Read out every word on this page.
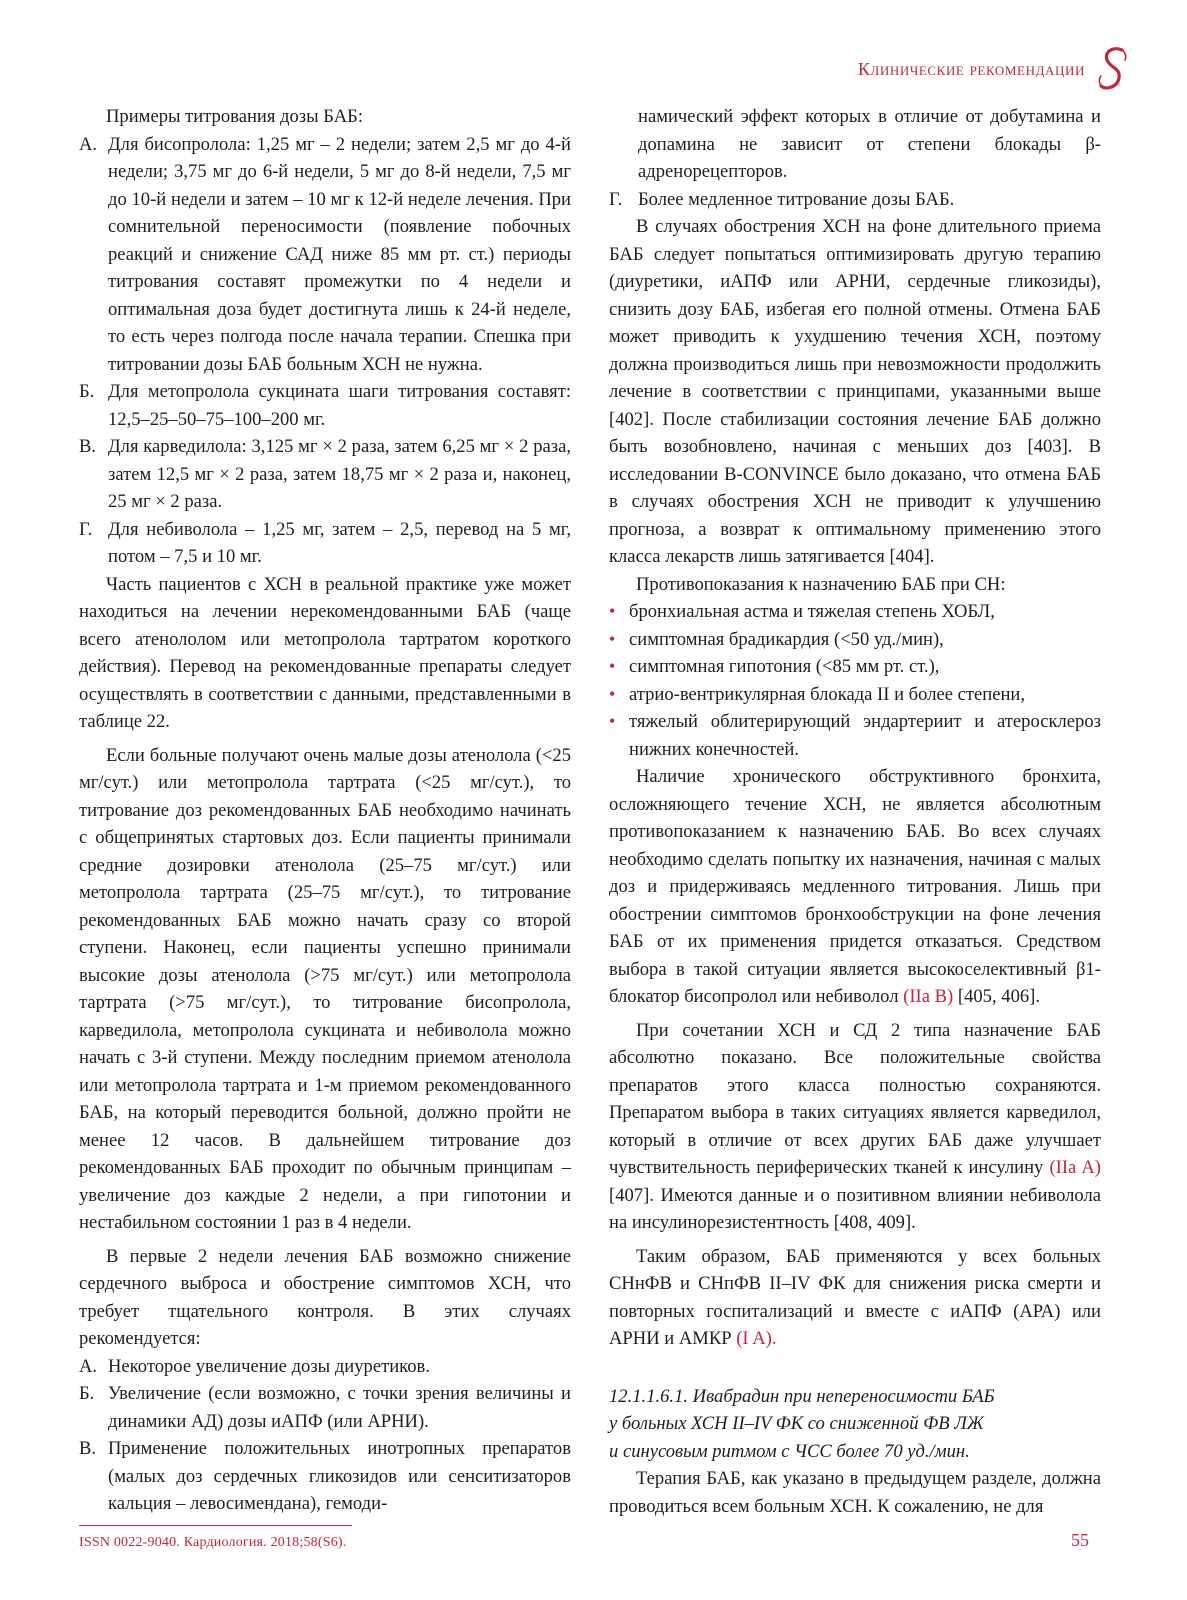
Клинические рекомендации

Примеры титрования дозы БАБ:

А. Для бисопролола: 1,25 мг – 2 недели; затем 2,5 мг до 4-й недели; 3,75 мг до 6-й недели, 5 мг до 8-й недели, 7,5 мг до 10-й недели и затем – 10 мг к 12-й неделе лечения. При сомнительной переносимости (появление побочных реакций и снижение САД ниже 85 мм рт. ст.) периоды титрования составят промежутки по 4 недели и оптимальная доза будет достигнута лишь к 24-й неделе, то есть через полгода после начала терапии. Спешка при титровании дозы БАБ больным ХСН не нужна.
Б. Для метопролола сукцината шаги титрования составят: 12,5–25–50–75–100–200 мг.
В. Для карведилола: 3,125 мг × 2 раза, затем 6,25 мг × 2 раза, затем 12,5 мг × 2 раза, затем 18,75 мг × 2 раза и, наконец, 25 мг × 2 раза.
Г. Для небиволола – 1,25 мг, затем – 2,5, перевод на 5 мг, потом – 7,5 и 10 мг.

Часть пациентов с ХСН в реальной практике уже может находиться на лечении нерекомендованными БАБ (чаще всего атенололом или метопролола тартратом короткого действия). Перевод на рекомендованные препараты следует осуществлять в соответствии с данными, представленными в таблице 22.

Если больные получают очень малые дозы атенолола (<25 мг/сут.) или метопролола тартрата (<25 мг/сут.), то титрование доз рекомендованных БАБ необходимо начинать с общепринятых стартовых доз. Если пациенты принимали средние дозировки атенолола (25–75 мг/сут.) или метопролола тартрата (25–75 мг/сут.), то титрование рекомендованных БАБ можно начать сразу со второй ступени. Наконец, если пациенты успешно принимали высокие дозы атенолола (>75 мг/сут.) или метопролола тартрата (>75 мг/сут.), то титрование бисопролола, карведилола, метопролола сукцината и небиволола можно начать с 3-й ступени. Между последним приемом атенолола или метопролола тартрата и 1-м приемом рекомендованного БАБ, на который переводится больной, должно пройти не менее 12 часов. В дальнейшем титрование доз рекомендованных БАБ проходит по обычным принципам – увеличение доз каждые 2 недели, а при гипотонии и нестабильном состоянии 1 раз в 4 недели.

В первые 2 недели лечения БАБ возможно снижение сердечного выброса и обострение симптомов ХСН, что требует тщательного контроля. В этих случаях рекомендуется:

А. Некоторое увеличение дозы диуретиков.
Б. Увеличение (если возможно, с точки зрения величины и динамики АД) дозы иАПФ (или АРНИ).
В. Применение положительных инотропных препаратов (малых доз сердечных гликозидов или сенситизаторов кальция – левосимендана), гемоди-
намический эффект которых в отличие от добутамина и допамина не зависит от степени блокады β-адренорецепторов.
Г. Более медленное титрование дозы БАБ.

В случаях обострения ХСН на фоне длительного приема БАБ следует попытаться оптимизировать другую терапию (диуретики, иАПФ или АРНИ, сердечные гликозиды), снизить дозу БАБ, избегая его полной отмены. Отмена БАБ может приводить к ухудшению течения ХСН, поэтому должна производиться лишь при невозможности продолжить лечение в соответствии с принципами, указанными выше [402]. После стабилизации состояния лечение БАБ должно быть возобновлено, начиная с меньших доз [403]. В исследовании B-CONVINCE было доказано, что отмена БАБ в случаях обострения ХСН не приводит к улучшению прогноза, а возврат к оптимальному применению этого класса лекарств лишь затягивается [404].

Противопоказания к назначению БАБ при СН:

• бронхиальная астма и тяжелая степень ХОБЛ,
• симптомная брадикардия (<50 уд./мин),
• симптомная гипотония (<85 мм рт. ст.),
• атрио-вентрикулярная блокада II и более степени,
• тяжелый облитерирующий эндартериит и атеросклероз нижних конечностей.

Наличие хронического обструктивного бронхита, осложняющего течение ХСН, не является абсолютным противопоказанием к назначению БАБ. Во всех случаях необходимо сделать попытку их назначения, начиная с малых доз и придерживаясь медленного титрования. Лишь при обострении симптомов бронхообструкции на фоне лечения БАБ от их применения придется отказаться. Средством выбора в такой ситуации является высокоселективный β1-блокатор бисопролол или небиволол (IIa B) [405, 406].

При сочетании ХСН и СД 2 типа назначение БАБ абсолютно показано. Все положительные свойства препаратов этого класса полностью сохраняются. Препаратом выбора в таких ситуациях является карведилол, который в отличие от всех других БАБ даже улучшает чувствительность периферических тканей к инсулину (IIa A) [407]. Имеются данные и о позитивном влиянии небиволола на инсулинорезистентность [408, 409].

Таким образом, БАБ применяются у всех больных СНнФВ и СНпФВ II–IV ФК для снижения риска смерти и повторных госпитализаций и вместе с иАПФ (АРА) или АРНИ и АМКР (I A).

12.1.1.6.1. Ивабрадин при непереносимости БАБ
у больных ХСН II–IV ФК со сниженной ФВ ЛЖ
и синусовым ритмом с ЧСС более 70 уд./мин.

Терапия БАБ, как указано в предыдущем разделе, должна проводиться всем больным ХСН. К сожалению, не для

ISSN 0022-9040. Кардиология. 2018;58(S6).	55
